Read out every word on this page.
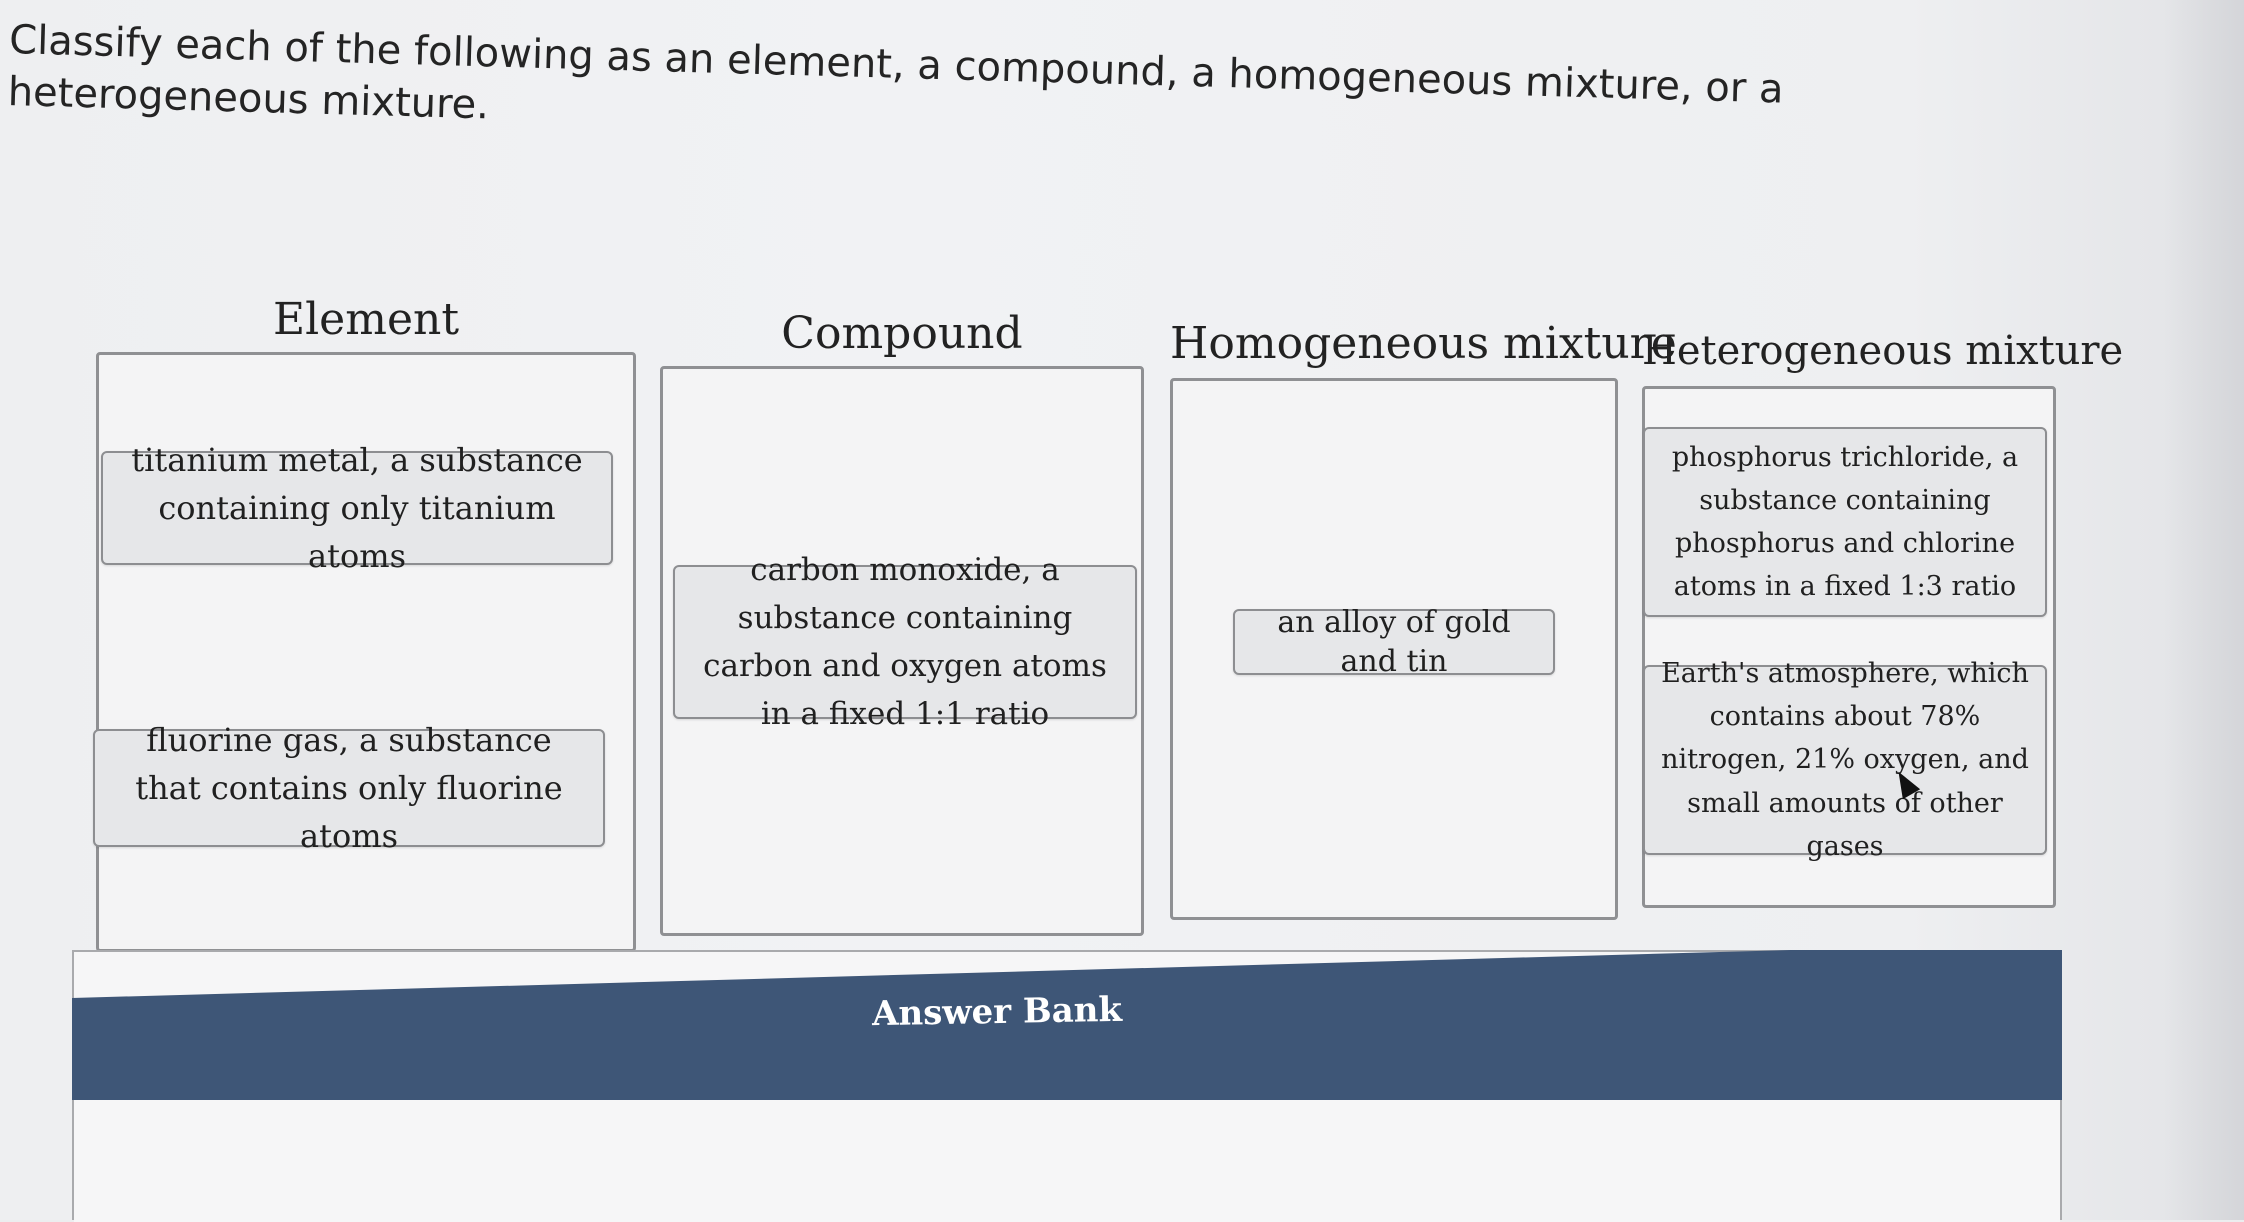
Classify each of the following as an element, a compound, a homogeneous mixture, or a heterogeneous mixture.
Element
titanium metal, a substance containing only titanium atoms
fluorine gas, a substance that contains only fluorine atoms
Compound
carbon monoxide, a substance containing carbon and oxygen atoms in a fixed 1:1 ratio
Homogeneous mixture
an alloy of gold and tin
Heterogeneous mixture
phosphorus trichloride, a substance containing phosphorus and chlorine atoms in a fixed 1:3 ratio
Earth's atmosphere, which contains about 78% nitrogen, 21% oxygen, and small amounts of other gases
Answer Bank
